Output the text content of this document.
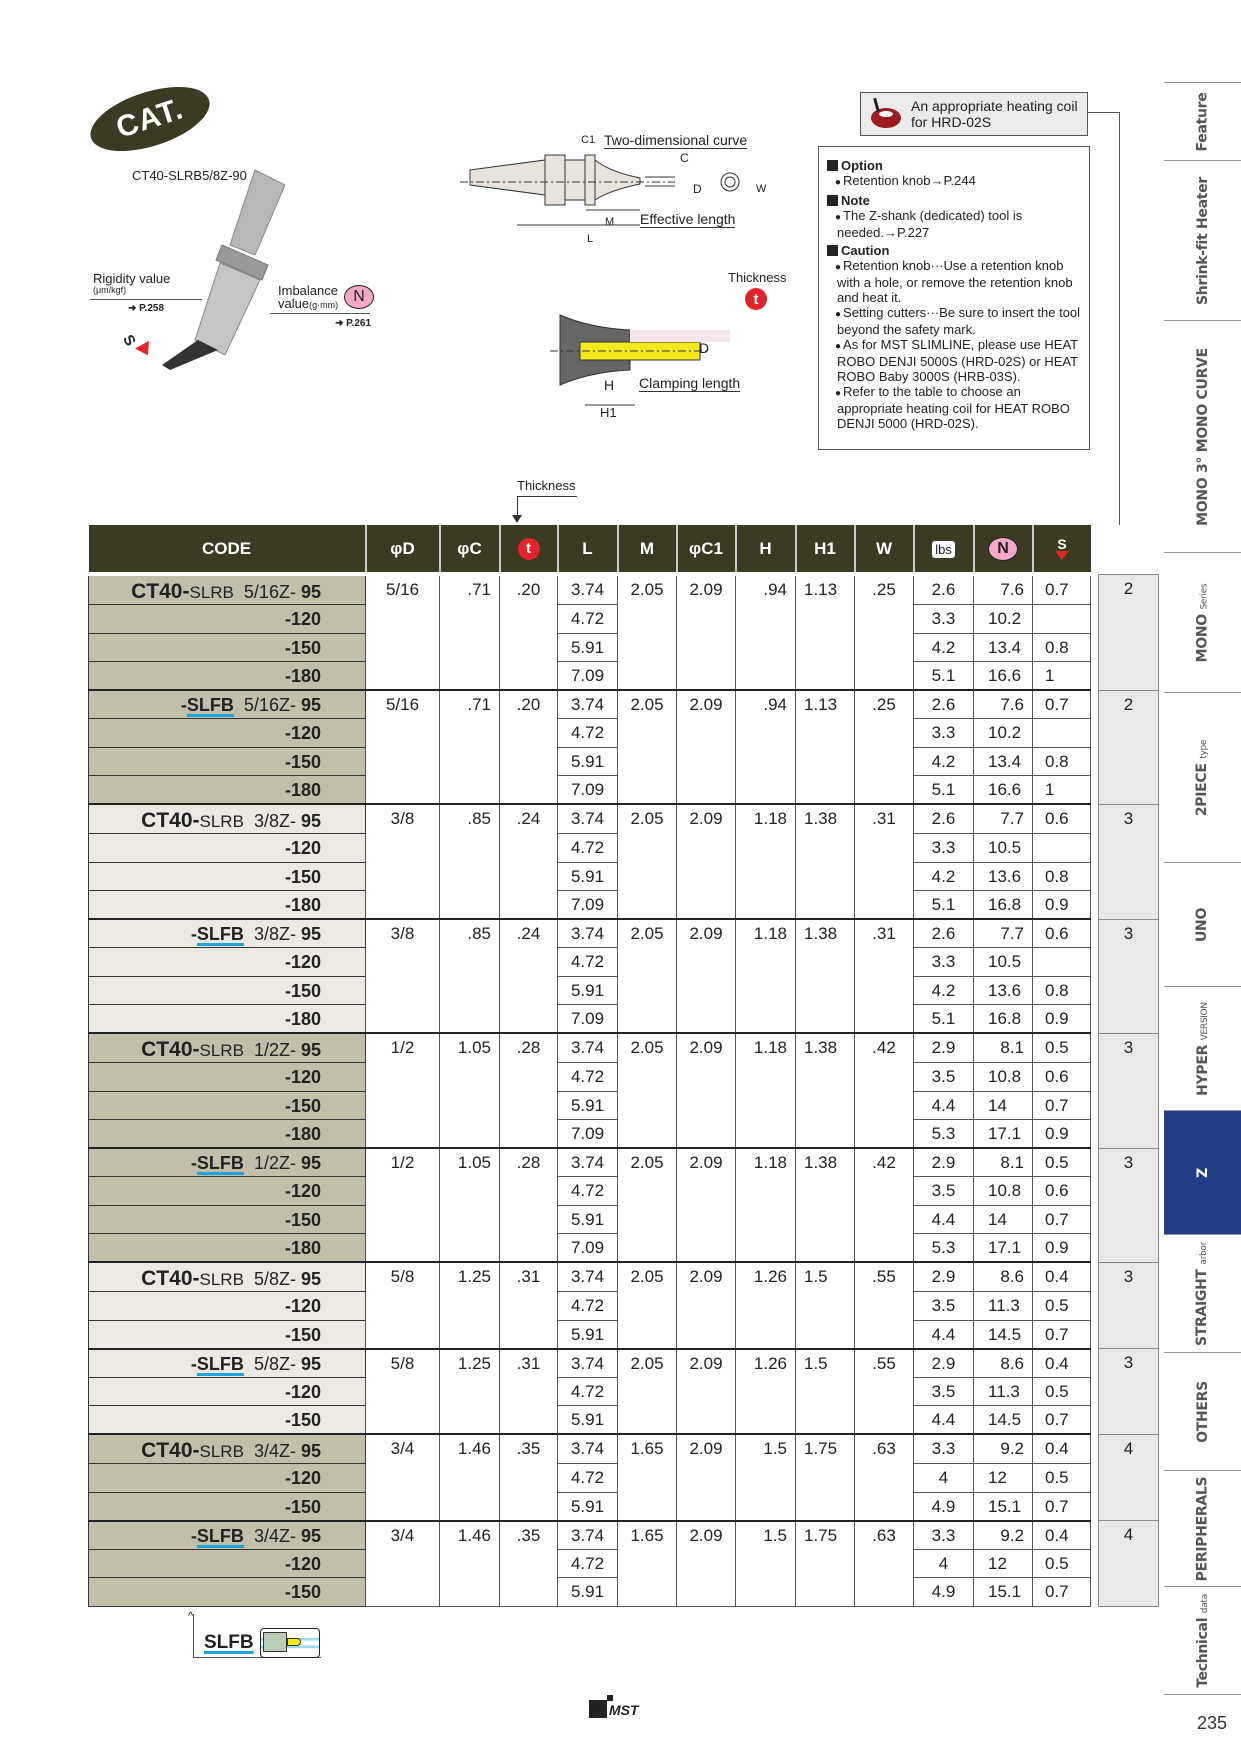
CAT.
CT40-SLRB5/8Z-90
Rigidity value
(μm/kgf)
➜ P.258
S
Imbalance
value(g·mm) N
➜ P.261
C1 Two-dimensional curve
C
D	W
M
L
Effective length
Thickness
t
D
H
H1
Clamping length
An appropriate heating coil
for HRD-02S
Option
● Retention knob→P.244
Note
● The Z-shank (dedicated) tool is needed.→P.227
Caution
● Retention knob···Use a retention knob with a hole, or remove the retention knob and heat it.
● Setting cutters···Be sure to insert the tool beyond the safety mark.
● As for MST SLIMLINE, please use HEAT ROBO DENJI 5000S (HRD-02S) or HEAT ROBO Baby 3000S (HRB-03S).
● Refer to the table to choose an appropriate heating coil for HEAT ROBO DENJI 5000 (HRD-02S).
Thickness
CODE	φD	φC	t	L	M	φC1	H	H1	W	lbs	N	S		

CT40-SLRB 5/16Z- 95	5/16	.71	.20	3.74	2.05	2.09	.94	1.13	.25	2.6	7.6	0.7		2
-120				4.72						3.3	10.2			
-150				5.91						4.2	13.4	0.8		
-180				7.09						5.1	16.6	1		
-SLFB 5/16Z- 95	5/16	.71	.20	3.74	2.05	2.09	.94	1.13	.25	2.6	7.6	0.7		2
-120				4.72						3.3	10.2			
-150				5.91						4.2	13.4	0.8		
-180				7.09						5.1	16.6	1		
CT40-SLRB 3/8Z- 95	3/8	.85	.24	3.74	2.05	2.09	1.18	1.38	.31	2.6	7.7	0.6		3
-120				4.72						3.3	10.5			
-150				5.91						4.2	13.6	0.8		
-180				7.09						5.1	16.8	0.9		
-SLFB 3/8Z- 95	3/8	.85	.24	3.74	2.05	2.09	1.18	1.38	.31	2.6	7.7	0.6		3
-120				4.72						3.3	10.5			
-150				5.91						4.2	13.6	0.8		
-180				7.09						5.1	16.8	0.9		
CT40-SLRB 1/2Z- 95	1/2	1.05	.28	3.74	2.05	2.09	1.18	1.38	.42	2.9	8.1	0.5		3
-120				4.72						3.5	10.8	0.6		
-150				5.91						4.4	14	0.7		
-180				7.09						5.3	17.1	0.9		
-SLFB 1/2Z- 95	1/2	1.05	.28	3.74	2.05	2.09	1.18	1.38	.42	2.9	8.1	0.5		3
-120				4.72						3.5	10.8	0.6		
-150				5.91						4.4	14	0.7		
-180				7.09						5.3	17.1	0.9		
CT40-SLRB 5/8Z- 95	5/8	1.25	.31	3.74	2.05	2.09	1.26	1.5	.55	2.9	8.6	0.4		3
-120				4.72						3.5	11.3	0.5		
-150				5.91						4.4	14.5	0.7		
-SLFB 5/8Z- 95	5/8	1.25	.31	3.74	2.05	2.09	1.26	1.5	.55	2.9	8.6	0.4		3
-120				4.72						3.5	11.3	0.5		
-150				5.91						4.4	14.5	0.7		
CT40-SLRB 3/4Z- 95	3/4	1.46	.35	3.74	1.65	2.09	1.5	1.75	.63	3.3	9.2	0.4		4
-120				4.72						4	12	0.5		
-150				5.91						4.9	15.1	0.7		
-SLFB 3/4Z- 95	3/4	1.46	.35	3.74	1.65	2.09	1.5	1.75	.63	3.3	9.2	0.4		4
-120				4.72						4	12	0.5		
-150				5.91						4.9	15.1	0.7		
^
SLFB
MST
Feature
Shrink-fit Heater
MONO 3° MONO CURVE
MONO Series
2PIECE type
UNO
HYPER VERSION
Z
STRAIGHT arbor
OTHERS
PERIPHERALS
Technical data
235
